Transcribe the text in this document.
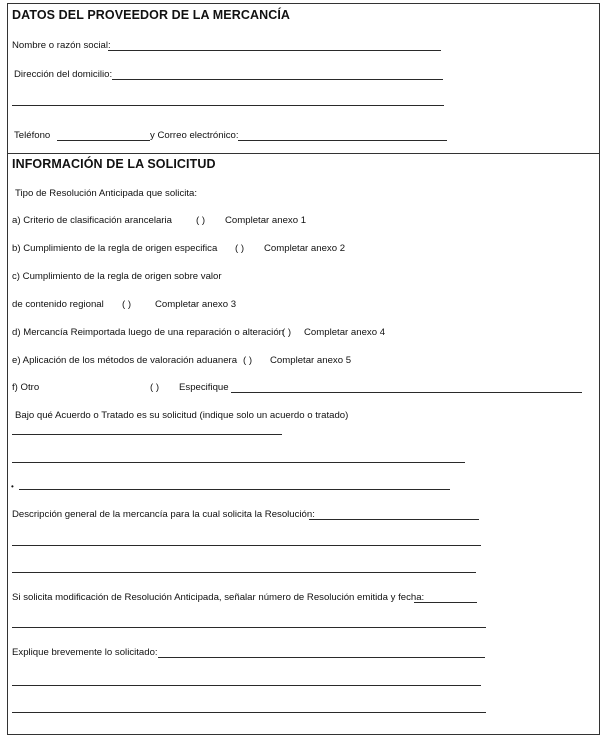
DATOS DEL PROVEEDOR DE LA MERCANCÍA
Nombre o razón social:
Dirección del domicilio:
Teléfono	y Correo electrónico:
INFORMACIÓN DE LA SOLICITUD
Tipo de Resolución Anticipada que solicita:
a) Criterio de clasificación arancelaria	( ) Completar anexo 1
b) Cumplimiento de la regla de origen especifica ( ) Completar anexo 2
c) Cumplimiento de la regla de origen sobre valor
de contenido regional ( ) Completar anexo 3
d) Mercancía Reimportada luego de una reparación o alteración
( ) Completar anexo 4
e) Aplicación de los métodos de valoración aduanera ( ) Completar anexo 5
f) Otro	( ) Especifique
Bajo qué Acuerdo o Tratado es su solicitud (indique solo un acuerdo o tratado)
•
Descripción general de la mercancía para la cual solicita la Resolución:
Si solicita modificación de Resolución Anticipada, señalar número de Resolución emitida y fecha:
Explique brevemente lo solicitado:
